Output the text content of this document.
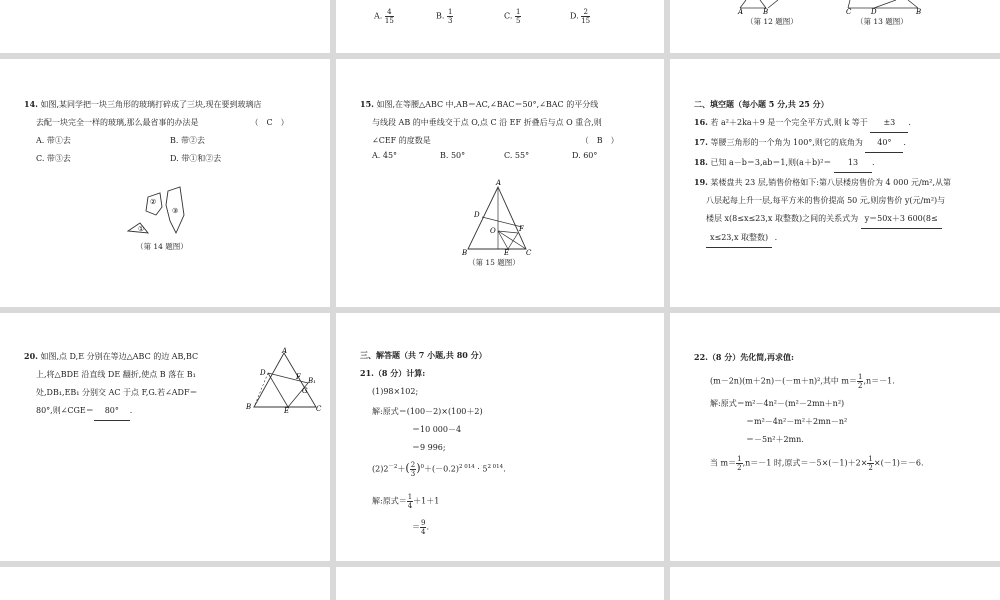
A. $\frac{4}{15}$	B. $\frac{1}{3}$	C. $\frac{1}{5}$	D. $\frac{2}{15}$	A	B	C	D	B
（第 12 题图）	（第 13 题图）

14. 如图,某同学把一块三角形的玻璃打碎成了三块,现在要到玻璃店

去配一块完全一样的玻璃,那么最省事的办法是	（　C　）

A. 带①去	B. 带②去
C. 带③去	D. 带①和②去
①
②
③
（第 14 题图）

15. 如图,在等腰△ABC 中,AB＝AC,∠BAC＝50°,∠BAC 的平分线

与线段 AB 的中垂线交于点 O,点 C 沿 EF 折叠后与点 O 重合,则

∠CEF 的度数是	（　B　）

A. 45°	B. 50°	C. 55°	D. 60°
A
D
O	F
B	E C
（第 15 题图）

二、填空题（每小题 5 分,共 25 分）

16. 若 a²＋2ka＋9 是一个完全平方式,则 k 等于 ±3 .

17. 等腰三角形的一个角为 100°,则它的底角为 40° .

18. 已知 a－b＝3,ab＝1,则(a＋b)²＝ 13 .

19. 某楼盘共 23 层,销售价格如下:第八层楼房售价为 4 000 元/m²,从第

八层起每上升一层,每平方米的售价提高 50 元,则房售价 y(元/m²)与

楼层 x(8≤x≤23,x 取整数)之间的关系式为 y＝50x＋3 600(8≤

x≤23,x 取整数) .

20. 如图,点 D,E 分别在等边△ABC 的边 AB,BC

上,将△BDE 沿直线 DE 翻折,使点 B 落在 B₁

处,DB₁,EB₁ 分别交 AC 于点 F,G.若∠ADF＝

80°,则∠CGE＝ 80° .

A
D	F B₁
G
B	E	C
三、解答题（共 7 小题,共 80 分）
21.（8 分）计算:
(1)98×102;
解:原式＝(100－2)×(100＋2)
＝10 000－4
＝9 996;
$(2)2^{-2}+( \frac{2}{3} )^0+(-0.2)^{2 014} \cdot 5^{2 014}$.
解:原式＝ $\frac{1}{4} +1+1$
＝ $\frac{9}{4}$ .
22.（8 分）先化简,再求值:
(m－2n)(m＋2n)－(－m＋n)²,其中 $m= \frac{1}{2} ,n=-1$.
解:原式＝m²－4n²－(m²－2mn＋n²)
＝m²－4n²－m²＋2mn－n²
＝－5n²＋2mn.
当 $m= \frac{1}{2} ,n=-1$ 时,原式$=-5\times(-1)+2\times \frac{1}{2} \times(-1)=-6$.
